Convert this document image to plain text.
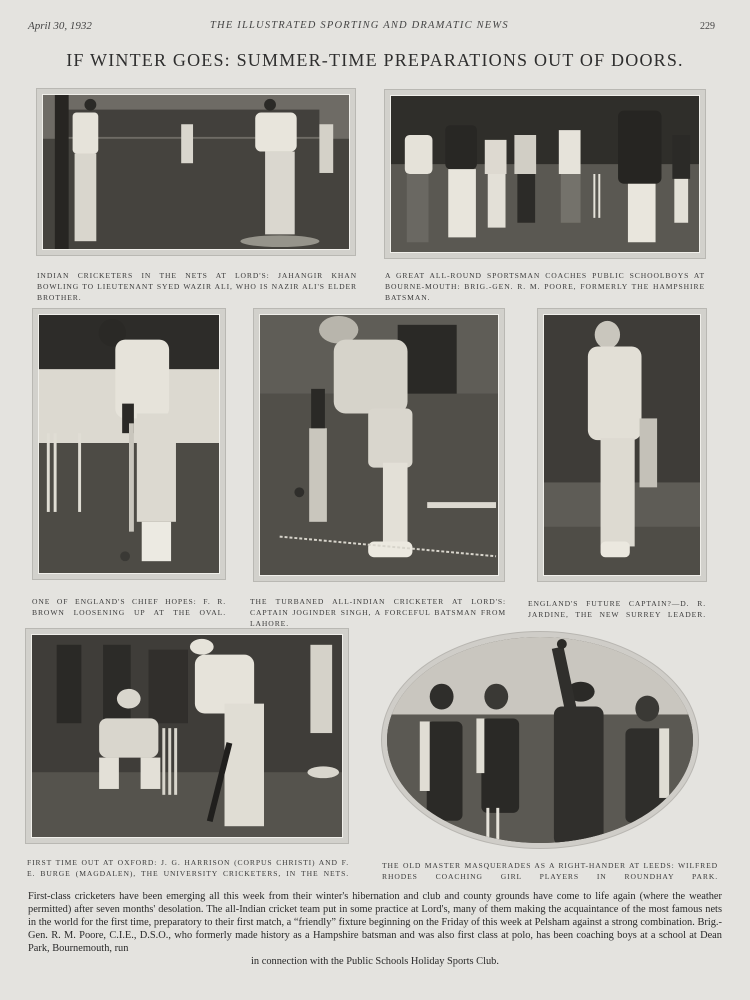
April 30, 1932	THE ILLUSTRATED SPORTING AND DRAMATIC NEWS	229
IF WINTER GOES: SUMMER-TIME PREPARATIONS OUT OF DOORS.
INDIAN CRICKETERS IN THE NETS AT LORD'S: JAHANGIR KHAN BOWLING TO LIEUTENANT SYED WAZIR ALI, WHO IS NAZIR ALI'S ELDER BROTHER.
A GREAT ALL-ROUND SPORTSMAN COACHES PUBLIC SCHOOLBOYS AT BOURNE-MOUTH: BRIG.-GEN. R. M. POORE, FORMERLY THE HAMPSHIRE BATSMAN.
ONE OF ENGLAND'S CHIEF HOPES: F. R. BROWN LOOSENING UP AT THE OVAL.
THE TURBANED ALL-INDIAN CRICKETER AT LORD'S: CAPTAIN JOGINDER SINGH, A FORCEFUL BATSMAN FROM LAHORE.
ENGLAND'S FUTURE CAPTAIN?—D. R. JARDINE, THE NEW SURREY LEADER.
FIRST TIME OUT AT OXFORD: J. G. HARRISON (CORPUS CHRISTI) AND F. E. BURGE (MAGDALEN), THE UNIVERSITY CRICKETERS, IN THE NETS.
THE OLD MASTER MASQUERADES AS A RIGHT-HANDER AT LEEDS: WILFRED RHODES COACHING GIRL PLAYERS IN ROUNDHAY PARK.
First-class cricketers have been emerging all this week from their winter's hibernation and club and county grounds have come to life again (where the weather permitted) after seven months' desolation. The all-Indian cricket team put in some practice at Lord's, many of them making the acquaintance of the most famous nets in the world for the first time, preparatory to their first match, a “friendly” fixture beginning on the Friday of this week at Pelsham against a strong combination. Brig.-Gen. R. M. Poore, C.I.E., D.S.O., who formerly made history as a Hampshire batsman and was also first class at polo, has been coaching boys at a school at Dean Park, Bournemouth, run
in connection with the Public Schools Holiday Sports Club.
